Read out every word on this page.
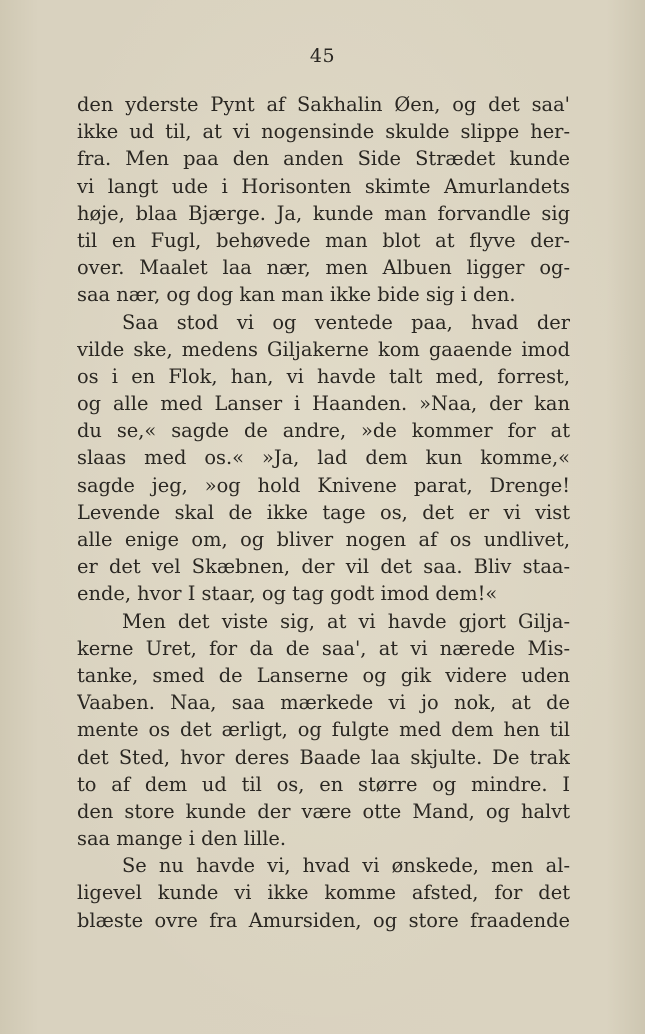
45
den yderste Pynt af Sakhalin Øen, og det saa'
ikke ud til, at vi nogensinde skulde slippe her-
fra. Men paa den anden Side Strædet kunde
vi langt ude i Horisonten skimte Amurlandets
høje, blaa Bjærge. Ja, kunde man forvandle sig
til en Fugl, behøvede man blot at flyve der-
over. Maalet laa nær, men Albuen ligger og-
saa nær, og dog kan man ikke bide sig i den.
Saa stod vi og ventede paa, hvad der
vilde ske, medens Giljakerne kom gaaende imod
os i en Flok, han, vi havde talt med, forrest,
og alle med Lanser i Haanden. »Naa, der kan
du se,« sagde de andre, »de kommer for at
slaas med os.« »Ja, lad dem kun komme,«
sagde jeg, »og hold Knivene parat, Drenge!
Levende skal de ikke tage os, det er vi vist
alle enige om, og bliver nogen af os undlivet,
er det vel Skæbnen, der vil det saa. Bliv staa-
ende, hvor I staar, og tag godt imod dem!«
Men det viste sig, at vi havde gjort Gilja-
kerne Uret, for da de saa', at vi nærede Mis-
tanke, smed de Lanserne og gik videre uden
Vaaben. Naa, saa mærkede vi jo nok, at de
mente os det ærligt, og fulgte med dem hen til
det Sted, hvor deres Baade laa skjulte. De trak
to af dem ud til os, en større og mindre. I
den store kunde der være otte Mand, og halvt
saa mange i den lille.
Se nu havde vi, hvad vi ønskede, men al-
ligevel kunde vi ikke komme afsted, for det
blæste ovre fra Amursiden, og store fraadende
